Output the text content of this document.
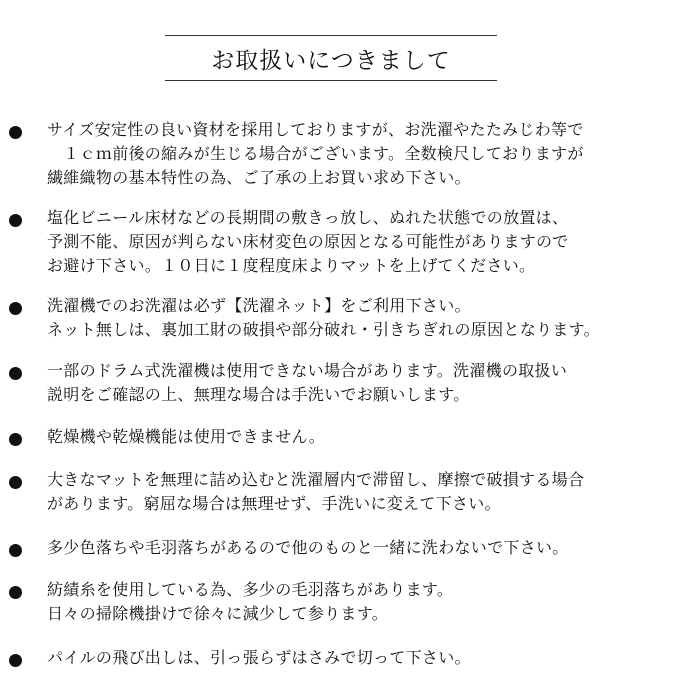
お取扱いにつきまして
サイズ安定性の良い資材を採用しておりますが、お洗濯やたたみじわ等で
　１ｃｍ前後の縮みが生じる場合がございます。全数検尺しておりますが
繊維織物の基本特性の為、ご了承の上お買い求め下さい。
塩化ビニール床材などの長期間の敷きっ放し、ぬれた状態での放置は、
予測不能、原因が判らない床材変色の原因となる可能性がありますので
お避け下さい。１０日に１度程度床よりマットを上げてください。
洗濯機でのお洗濯は必ず【洗濯ネット】をご利用下さい。
ネット無しは、裏加工財の破損や部分破れ・引きちぎれの原因となります。
一部のドラム式洗濯機は使用できない場合があります。洗濯機の取扱い
説明をご確認の上、無理な場合は手洗いでお願いします。
乾燥機や乾燥機能は使用できません。
大きなマットを無理に詰め込むと洗濯層内で滞留し、摩擦で破損する場合
があります。窮屈な場合は無理せず、手洗いに変えて下さい。
多少色落ちや毛羽落ちがあるので他のものと一緒に洗わないで下さい。
紡績糸を使用している為、多少の毛羽落ちがあります。
日々の掃除機掛けで徐々に減少して参ります。
パイルの飛び出しは、引っ張らずはさみで切って下さい。
